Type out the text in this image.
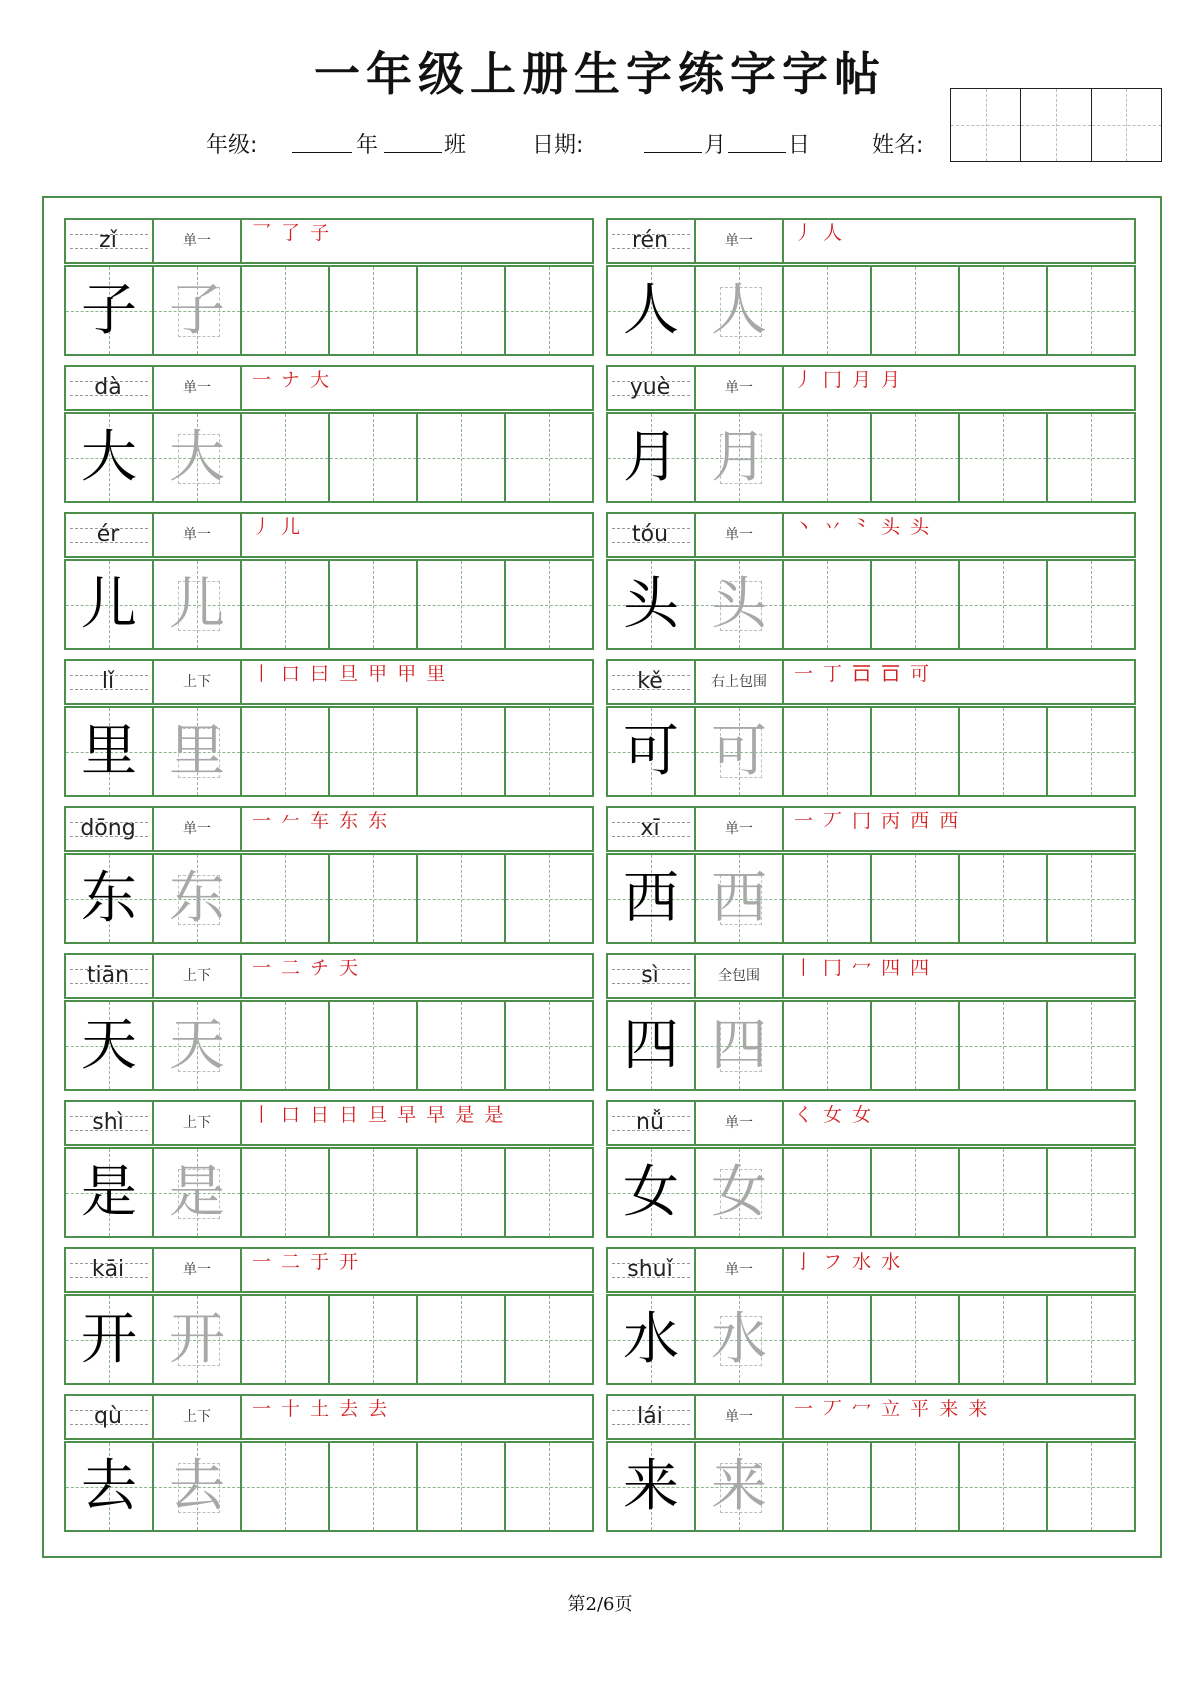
一年级上册生字练字字帖
年级:	年	班	日期:	月	日	姓名:
zǐ	单一	乛 了 子
子 子
rén	单一	丿 人
人 人
dà	单一	一 ナ 大
大 大
yuè	单一	丿 冂 月 月
月 月
ér	单一	丿 儿
儿 儿
tóu	单一	丶 丷 ⺀ 头 头
头 头
lǐ	上下	丨 口 曰 旦 甲 甲 里
里 里
kě	右上包围	一 丁 𠮛 𠮛 可
可 可
dōng	单一	一 𠂉 车 东 东
东 东
xī	单一	一 丆 冂 丙 西 西
西 西
tiān	上下	一 二 チ 天
天 天
sì	全包围	丨 冂 冖 四 四
四 四
shì	上下	丨 口 日 日 旦 早 早 是 是
是 是
nǚ	单一	く 女 女
女 女
kāi	单一	一 二 于 开
开 开
shuǐ	单一	亅 フ 水 水
水 水
qù	上下	一 十 土 去 去
去 去
lái	单一	一 丆 冖 立 平 来 来
来 来
第2/6页
